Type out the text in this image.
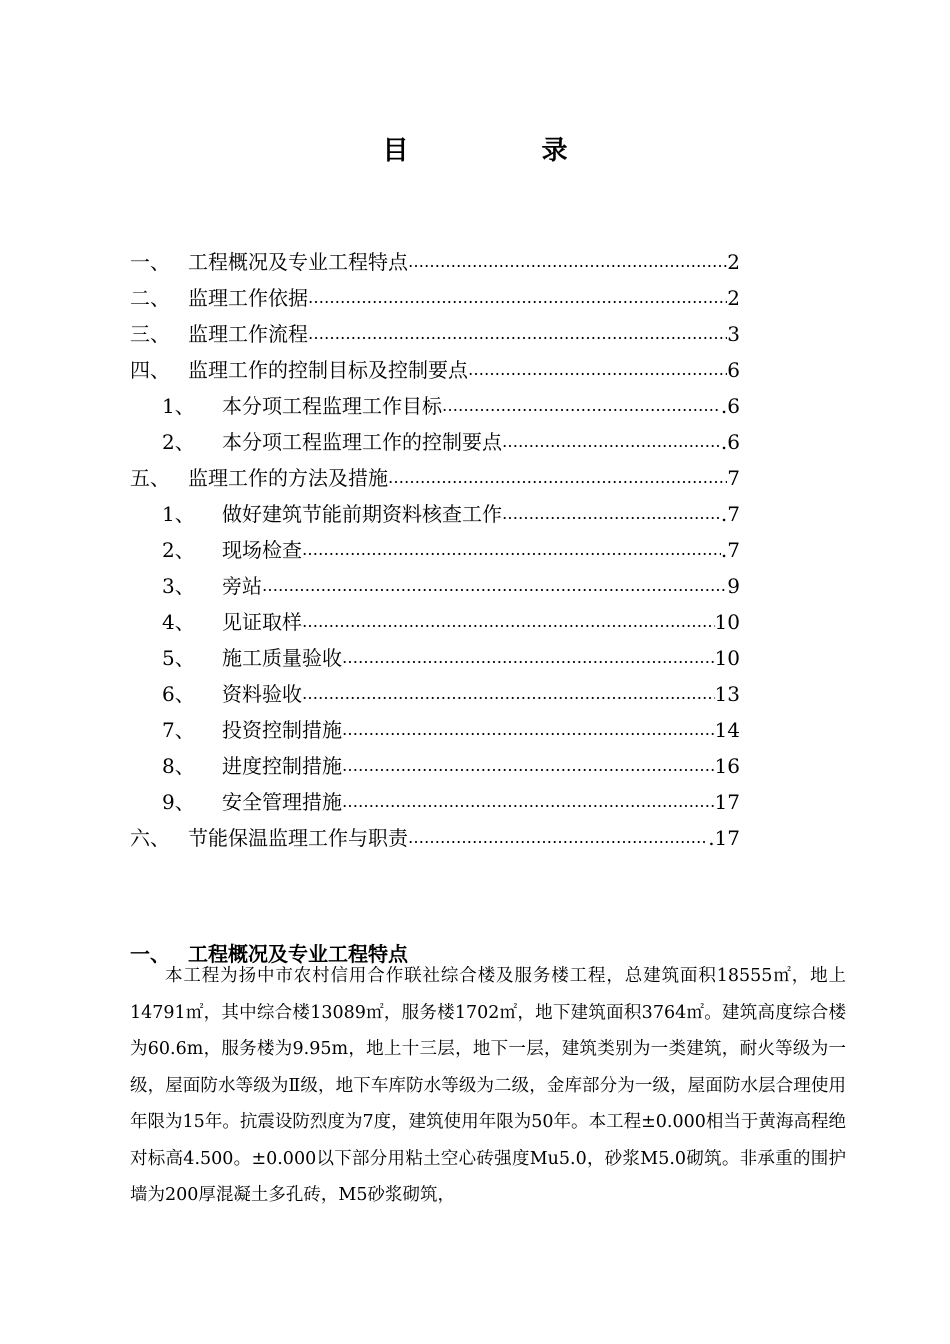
目 录
一、 工程概况及专业工程特点 …………………………………………………………………………………………………………………………………………	2
二、 监理工作依据 …………………………………………………………………………………………………………………………………………	2
三、 监理工作流程 …………………………………………………………………………………………………………………………………………	3
四、 监理工作的控制目标及控制要点 …………………………………………………………………………………………………………………………………………	6
1、 本分项工程监理工作目标 …………………………………………………………………………………………………………………………………………	.6
2、 本分项工程监理工作的控制要点 …………………………………………………………………………………………………………………………………………	.6
五、 监理工作的方法及措施 …………………………………………………………………………………………………………………………………………	7
1、 做好建筑节能前期资料核查工作 …………………………………………………………………………………………………………………………………………	.7
2、 现场检查 …………………………………………………………………………………………………………………………………………	.7
3、 旁站 …………………………………………………………………………………………………………………………………………	9
4、 见证取样 …………………………………………………………………………………………………………………………………………	10
5、 施工质量验收 …………………………………………………………………………………………………………………………………………	10
6、 资料验收 …………………………………………………………………………………………………………………………………………	13
7、 投资控制措施 …………………………………………………………………………………………………………………………………………	14
8、 进度控制措施 …………………………………………………………………………………………………………………………………………	16
9、 安全管理措施 …………………………………………………………………………………………………………………………………………	17
六、 节能保温监理工作与职责 …………………………………………………………………………………………………………………………………………	.17
一、 工程概况及专业工程特点
本工程为扬中市农村信用合作联社综合楼及服务楼工程，总建筑面积18555㎡，地上14791㎡，其中综合楼13089㎡，服务楼1702㎡，地下建筑面积3764㎡。建筑高度综合楼为60.6m，服务楼为9.95m，地上十三层，地下一层，建筑类别为一类建筑，耐火等级为一级，屋面防水等级为Ⅱ级，地下车库防水等级为二级，金库部分为一级，屋面防水层合理使用年限为15年。抗震设防烈度为7度，建筑使用年限为50年。本工程±0.000相当于黄海高程绝对标高4.500。±0.000以下部分用粘土空心砖强度Mu5.0，砂浆M5.0砌筑。非承重的围护墙为200厚混凝土多孔砖，M5砂浆砌筑，
